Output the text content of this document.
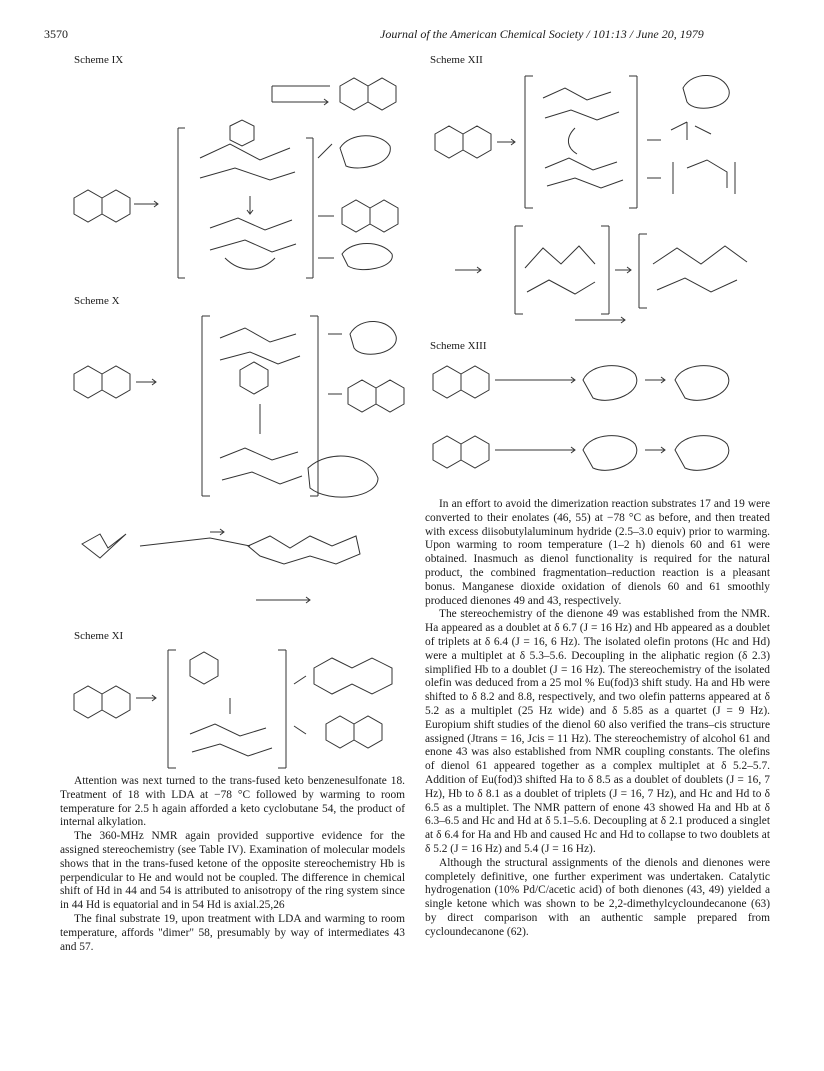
3570	Journal of the American Chemical Society / 101:13 / June 20, 1979
Scheme IX
Scheme X
Scheme XI
Scheme XII
Scheme XIII

Attention was next turned to the trans-fused keto benzenesulfonate 18. Treatment of 18 with LDA at −78 °C followed by warming to room temperature for 2.5 h again afforded a keto cyclobutane 54, the product of internal alkylation.

The 360-MHz NMR again provided supportive evidence for the assigned stereochemistry (see Table IV). Examination of molecular models shows that in the trans-fused ketone of the opposite stereochemistry Hb is perpendicular to He and would not be coupled. The difference in chemical shift of Hd in 44 and 54 is attributed to anisotropy of the ring system since in 44 Hd is equatorial and in 54 Hd is axial.25,26

The final substrate 19, upon treatment with LDA and warming to room temperature, affords "dimer" 58, presumably by way of intermediates 43 and 57.

In an effort to avoid the dimerization reaction substrates 17 and 19 were converted to their enolates (46, 55) at −78 °C as before, and then treated with excess diisobutylaluminum hydride (2.5–3.0 equiv) prior to warming. Upon warming to room temperature (1–2 h) dienols 60 and 61 were obtained. Inasmuch as dienol functionality is required for the natural product, the combined fragmentation–reduction reaction is a pleasant bonus. Manganese dioxide oxidation of dienols 60 and 61 smoothly produced dienones 49 and 43, respectively.

The stereochemistry of the dienone 49 was established from the NMR. Ha appeared as a doublet at δ 6.7 (J = 16 Hz) and Hb appeared as a doublet of triplets at δ 6.4 (J = 16, 6 Hz). The isolated olefin protons (Hc and Hd) were a multiplet at δ 5.3–5.6. Decoupling in the aliphatic region (δ 2.3) simplified Hb to a doublet (J = 16 Hz). The stereochemistry of the isolated olefin was deduced from a 25 mol % Eu(fod)3 shift study. Ha and Hb were shifted to δ 8.2 and 8.8, respectively, and two olefin patterns appeared at δ 5.2 as a multiplet (25 Hz wide) and δ 5.85 as a quartet (J = 9 Hz). Europium shift studies of the dienol 60 also verified the trans–cis structure assigned (Jtrans = 16, Jcis = 11 Hz). The stereochemistry of alcohol 61 and enone 43 was also established from NMR coupling constants. The olefins of dienol 61 appeared together as a complex multiplet at δ 5.2–5.7. Addition of Eu(fod)3 shifted Ha to δ 8.5 as a doublet of doublets (J = 16, 7 Hz), Hb to δ 8.1 as a doublet of triplets (J = 16, 7 Hz), and Hc and Hd to δ 6.5 as a multiplet. The NMR pattern of enone 43 showed Ha and Hb at δ 6.3–6.5 and Hc and Hd at δ 5.1–5.6. Decoupling at δ 2.1 produced a singlet at δ 6.4 for Ha and Hb and caused Hc and Hd to collapse to two doublets at δ 5.2 (J = 16 Hz) and 5.4 (J = 16 Hz).

Although the structural assignments of the dienols and dienones were completely definitive, one further experiment was undertaken. Catalytic hydrogenation (10% Pd/C/acetic acid) of both dienones (43, 49) yielded a single ketone which was shown to be 2,2-dimethylcycloundecanone (63) by direct comparison with an authentic sample prepared from cycloundecanone (62).
